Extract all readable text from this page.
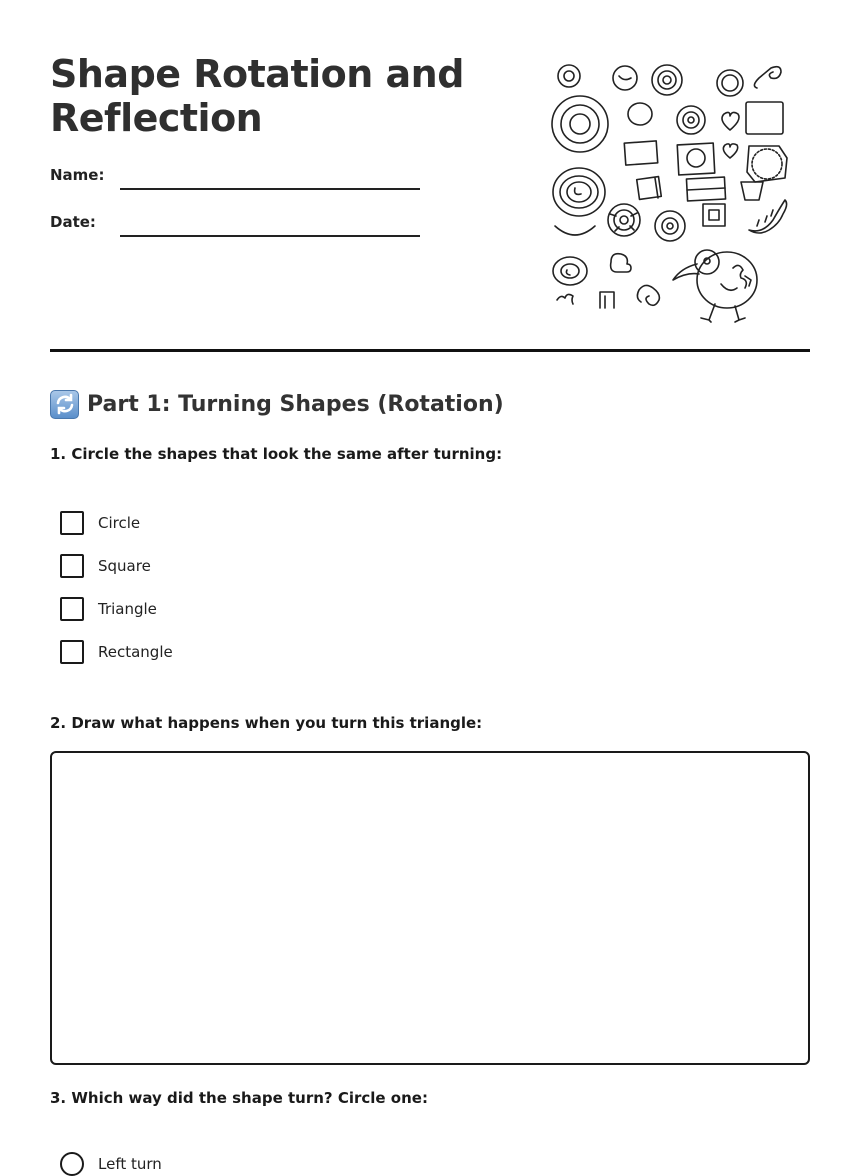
Shape Rotation and Reflection
Name:
Date:
Part 1: Turning Shapes (Rotation)
1. Circle the shapes that look the same after turning:
Circle
Square
Triangle
Rectangle
2. Draw what happens when you turn this triangle:
3. Which way did the shape turn? Circle one:
Left turn
